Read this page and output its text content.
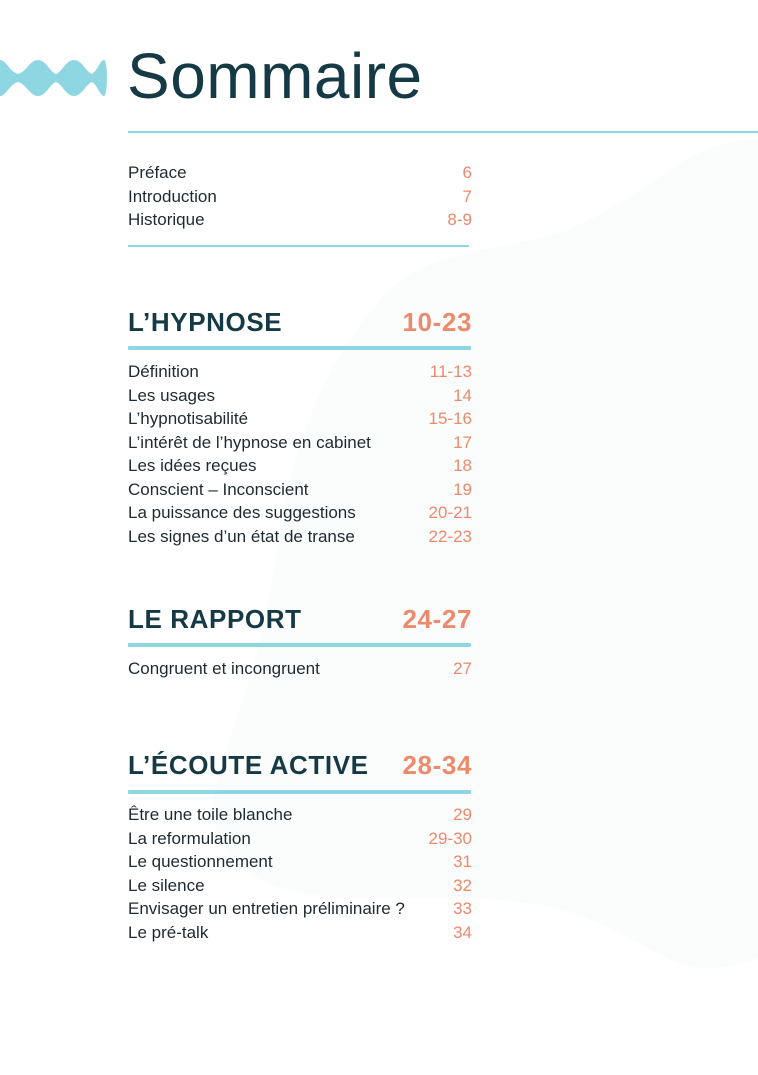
Sommaire
Préface	6
Introduction	7
Historique	8-9
L’HYPNOSE	10-23
Définition	11-13
Les usages	14
L’hypnotisabilité	15-16
L’intérêt de l’hypnose en cabinet	17
Les idées reçues	18
Conscient – Inconscient	19
La puissance des suggestions	20-21
Les signes d’un état de transe	22-23
LE RAPPORT	24-27
Congruent et incongruent	27
L’ÉCOUTE ACTIVE 28-34
Être une toile blanche	29
La reformulation	29-30
Le questionnement	31
Le silence	32
Envisager un entretien préliminaire ?	33
Le pré-talk	34
